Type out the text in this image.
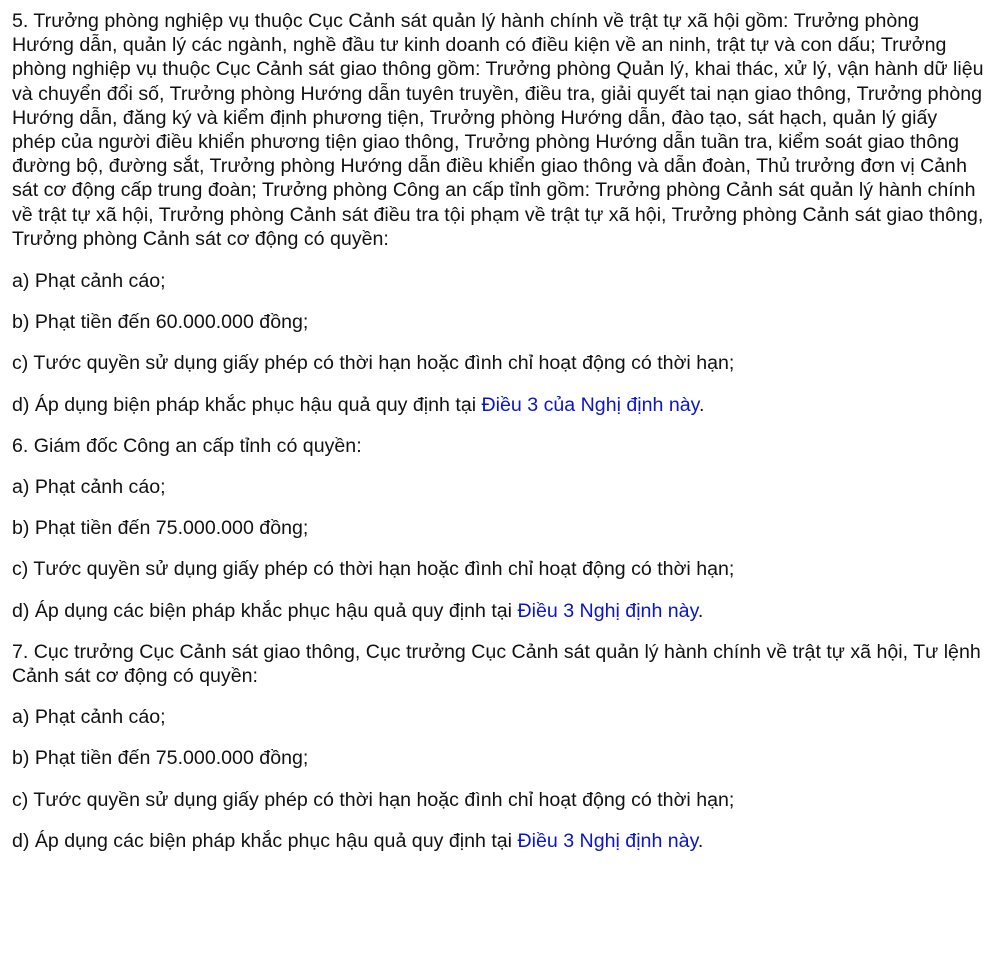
5. Trưởng phòng nghiệp vụ thuộc Cục Cảnh sát quản lý hành chính về trật tự xã hội gồm: Trưởng phòng Hướng dẫn, quản lý các ngành, nghề đầu tư kinh doanh có điều kiện về an ninh, trật tự và con dấu; Trưởng phòng nghiệp vụ thuộc Cục Cảnh sát giao thông gồm: Trưởng phòng Quản lý, khai thác, xử lý, vận hành dữ liệu và chuyển đổi số, Trưởng phòng Hướng dẫn tuyên truyền, điều tra, giải quyết tai nạn giao thông, Trưởng phòng Hướng dẫn, đăng ký và kiểm định phương tiện, Trưởng phòng Hướng dẫn, đào tạo, sát hạch, quản lý giấy phép của người điều khiển phương tiện giao thông, Trưởng phòng Hướng dẫn tuần tra, kiểm soát giao thông đường bộ, đường sắt, Trưởng phòng Hướng dẫn điều khiển giao thông và dẫn đoàn, Thủ trưởng đơn vị Cảnh sát cơ động cấp trung đoàn; Trưởng phòng Công an cấp tỉnh gồm: Trưởng phòng Cảnh sát quản lý hành chính về trật tự xã hội, Trưởng phòng Cảnh sát điều tra tội phạm về trật tự xã hội, Trưởng phòng Cảnh sát giao thông, Trưởng phòng Cảnh sát cơ động có quyền:

a) Phạt cảnh cáo;

b) Phạt tiền đến 60.000.000 đồng;

c) Tước quyền sử dụng giấy phép có thời hạn hoặc đình chỉ hoạt động có thời hạn;

d) Áp dụng biện pháp khắc phục hậu quả quy định tại Điều 3 của Nghị định này.

6. Giám đốc Công an cấp tỉnh có quyền:

a) Phạt cảnh cáo;

b) Phạt tiền đến 75.000.000 đồng;

c) Tước quyền sử dụng giấy phép có thời hạn hoặc đình chỉ hoạt động có thời hạn;

d) Áp dụng các biện pháp khắc phục hậu quả quy định tại Điều 3 Nghị định này.

7. Cục trưởng Cục Cảnh sát giao thông, Cục trưởng Cục Cảnh sát quản lý hành chính về trật tự xã hội, Tư lệnh Cảnh sát cơ động có quyền:

a) Phạt cảnh cáo;

b) Phạt tiền đến 75.000.000 đồng;

c) Tước quyền sử dụng giấy phép có thời hạn hoặc đình chỉ hoạt động có thời hạn;

d) Áp dụng các biện pháp khắc phục hậu quả quy định tại Điều 3 Nghị định này.
